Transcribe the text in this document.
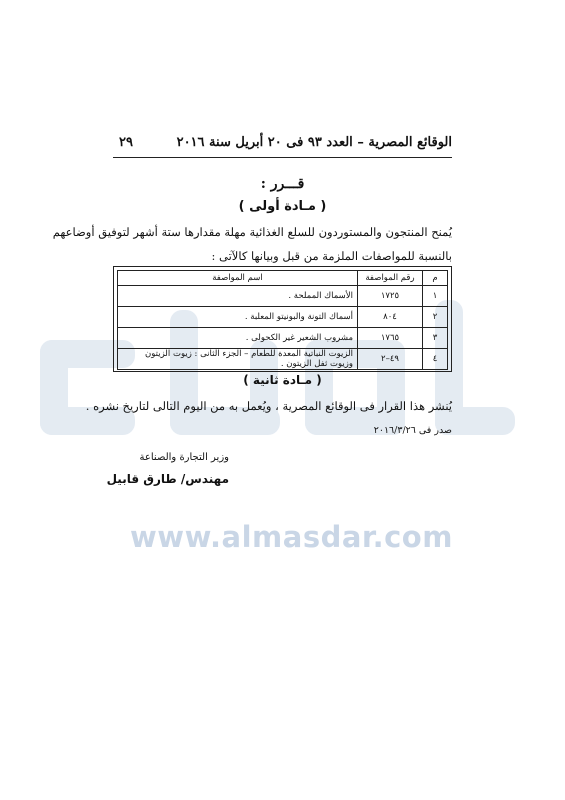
www.almasdar.com
الوقائع المصرية – العدد ٩٣ فى ٢٠ أبريل سنة ٢٠١٦
٢٩
قـــرر :
( مـادة أولى )
يُمنح المنتجون والمستوردون للسلع الغذائية مهلة مقدارها ستة أشهر لتوفيق أوضاعهم
بالنسبة للمواصفات الملزمة من قبل وبيانها كالآتى :
م	رقم المواصفة	اسم المواصفة
١	١٧٢٥	الأسماك المملحة .
٢	٨٠٤	أسماك التونة والبونيتو المعلبة .
٣	١٧٦٥	مشروب الشعير غير الكحولى .
٤	٤٩–٢	الزيوت النباتية المعدة للطعام – الجزء الثانى : زيوت الزيتون وزيوت ثفل الزيتون .
( مـادة ثانية )
يُنشر هذا القرار فى الوقائع المصرية ، ويُعمل به من اليوم التالى لتاريخ نشره .
صدر فى ٢٠١٦/٣/٢٦
وزير التجارة والصناعة
مهندس/ طارق قابيل
